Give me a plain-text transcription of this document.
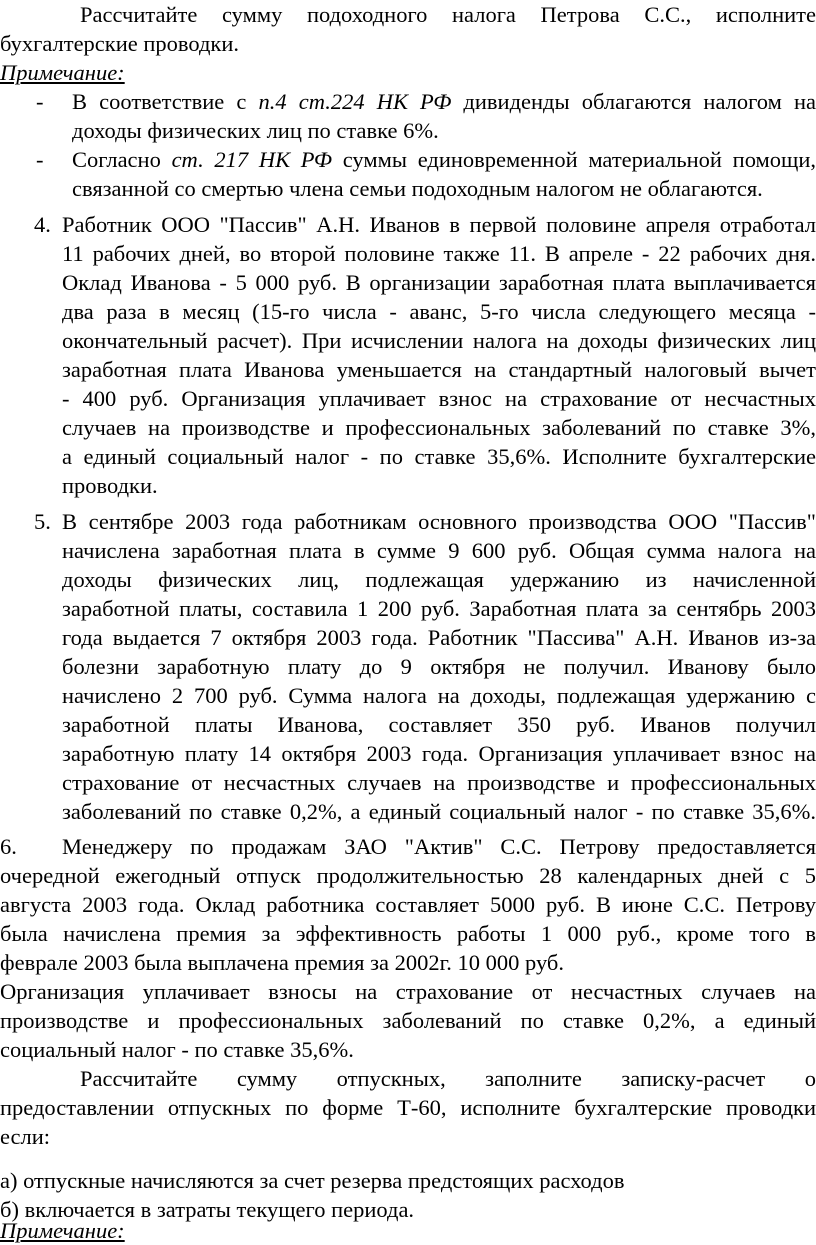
Рассчитайте сумму подоходного налога Петрова С.С., исполните
бухгалтерские проводки.
Примечание:
- В соответствие с п.4 ст.224 НК РФ дивиденды облагаются налогом на
доходы физических лиц по ставке 6%.
- Согласно ст. 217 НК РФ суммы единовременной материальной помощи,
связанной со смертью члена семьи подоходным налогом не облагаются.
4. Работник ООО "Пассив" А.Н. Иванов в первой половине апреля отработал
11 рабочих дней, во второй половине также 11. В апреле - 22 рабочих дня.
Оклад Иванова - 5 000 руб. В организации заработная плата выплачивается
два раза в месяц (15-го числа - аванс, 5-го числа следующего месяца -
окончательный расчет). При исчислении налога на доходы физических лиц
заработная плата Иванова уменьшается на стандартный налоговый вычет
- 400 руб. Организация уплачивает взнос на страхование от несчастных
случаев на производстве и профессиональных заболеваний по ставке 3%,
а единый социальный налог - по ставке 35,6%. Исполните бухгалтерские
проводки.
5. В сентябре 2003 года работникам основного производства ООО "Пассив"
начислена заработная плата в сумме 9 600 руб. Общая сумма налога на
доходы физических лиц, подлежащая удержанию из начисленной
заработной платы, составила 1 200 руб. Заработная плата за сентябрь 2003
года выдается 7 октября 2003 года. Работник "Пассива" А.Н. Иванов из-за
болезни заработную плату до 9 октября не получил. Иванову было
начислено 2 700 руб. Сумма налога на доходы, подлежащая удержанию с
заработной платы Иванова, составляет 350 руб. Иванов получил
заработную плату 14 октября 2003 года. Организация уплачивает взнос на
страхование от несчастных случаев на производстве и профессиональных
заболеваний по ставке 0,2%, а единый социальный налог - по ставке 35,6%.
6. Менеджеру по продажам ЗАО "Актив" С.С. Петрову предоставляется
очередной ежегодный отпуск продолжительностью 28 календарных дней с 5
августа 2003 года. Оклад работника составляет 5000 руб. В июне С.С. Петрову
была начислена премия за эффективность работы 1 000 руб., кроме того в
феврале 2003 была выплачена премия за 2002г. 10 000 руб.
Организация уплачивает взносы на страхование от несчастных случаев на
производстве и профессиональных заболеваний по ставке 0,2%, а единый
социальный налог - по ставке 35,6%.
Рассчитайте сумму отпускных, заполните записку-расчет о
предоставлении отпускных по форме Т-60, исполните бухгалтерские проводки
если:
а) отпускные начисляются за счет резерва предстоящих расходов
б) включается в затраты текущего периода.
Примечание:
